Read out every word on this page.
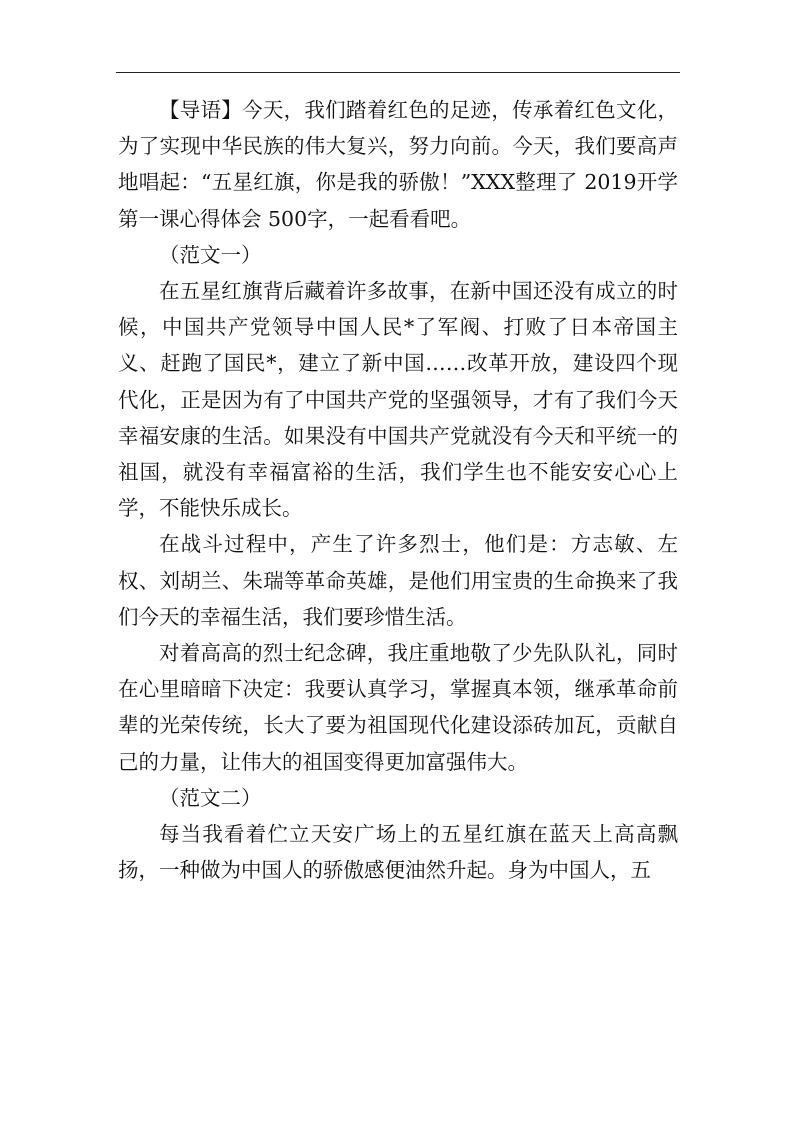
【导语】今天，我们踏着红色的足迹，传承着红色文化，为了实现中华民族的伟大复兴，努力向前。今天，我们要高声地唱起：“五星红旗，你是我的骄傲！”XXX整理了 2019开学第一课心得体会 500字，一起看看吧。

（范文一）

在五星红旗背后藏着许多故事，在新中国还没有成立的时候，中国共产党领导中国人民*了军阀、打败了日本帝国主义、赶跑了国民*，建立了新中国……改革开放，建设四个现代化，正是因为有了中国共产党的坚强领导，才有了我们今天幸福安康的生活。如果没有中国共产党就没有今天和平统一的祖国，就没有幸福富裕的生活，我们学生也不能安安心心上学，不能快乐成长。

在战斗过程中，产生了许多烈士，他们是：方志敏、左权、刘胡兰、朱瑞等革命英雄，是他们用宝贵的生命换来了我们今天的幸福生活，我们要珍惜生活。

对着高高的烈士纪念碑，我庄重地敬了少先队队礼，同时在心里暗暗下决定：我要认真学习，掌握真本领，继承革命前辈的光荣传统，长大了要为祖国现代化建设添砖加瓦，贡献自己的力量，让伟大的祖国变得更加富强伟大。

（范文二）

每当我看着伫立天安广场上的五星红旗在蓝天上高高飘扬，一种做为中国人的骄傲感便油然升起。身为中国人，五
